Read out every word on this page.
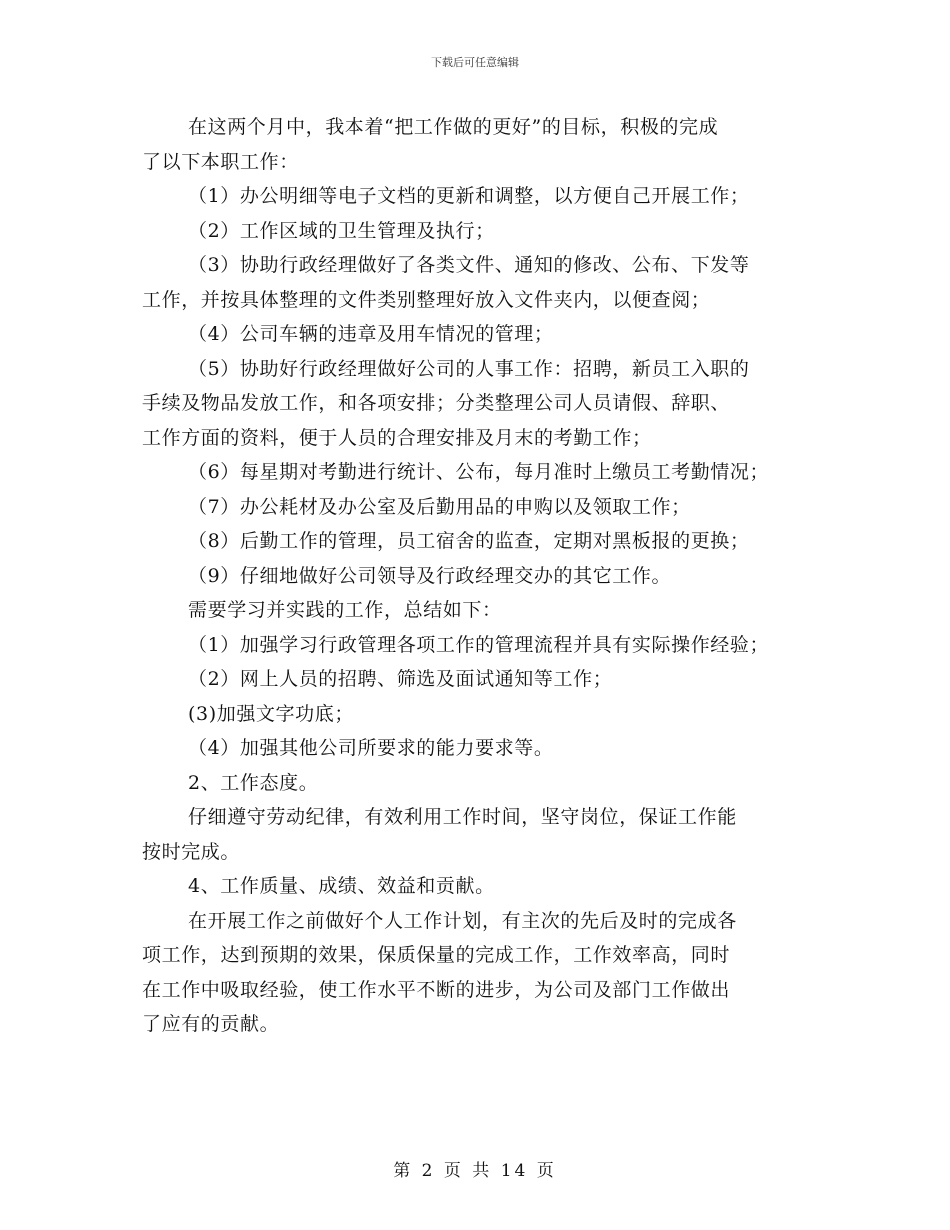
下载后可任意编辑
在这两个月中，我本着“把工作做的更好”的目标，积极的完成
了以下本职工作：
（1）办公明细等电子文档的更新和调整，以方便自己开展工作；
（2）工作区域的卫生管理及执行；
（3）协助行政经理做好了各类文件、通知的修改、公布、下发等
工作，并按具体整理的文件类别整理好放入文件夹内，以便查阅；
（4）公司车辆的违章及用车情况的管理；
（5）协助好行政经理做好公司的人事工作：招聘，新员工入职的
手续及物品发放工作，和各项安排；分类整理公司人员请假、辞职、
工作方面的资料，便于人员的合理安排及月末的考勤工作；
（6）每星期对考勤进行统计、公布，每月准时上缴员工考勤情况；
（7）办公耗材及办公室及后勤用品的申购以及领取工作；
（8）后勤工作的管理，员工宿舍的监查，定期对黑板报的更换；
（9）仔细地做好公司领导及行政经理交办的其它工作。
需要学习并实践的工作，总结如下：
（1）加强学习行政管理各项工作的管理流程并具有实际操作经验；
（2）网上人员的招聘、筛选及面试通知等工作；
(3)加强文字功底；
（4）加强其他公司所要求的能力要求等。
2、工作态度。
仔细遵守劳动纪律，有效利用工作时间，坚守岗位，保证工作能
按时完成。
4、工作质量、成绩、效益和贡献。
在开展工作之前做好个人工作计划，有主次的先后及时的完成各
项工作，达到预期的效果，保质保量的完成工作，工作效率高，同时
在工作中吸取经验，使工作水平不断的进步，为公司及部门工作做出
了应有的贡献。
第 2 页 共 14 页
